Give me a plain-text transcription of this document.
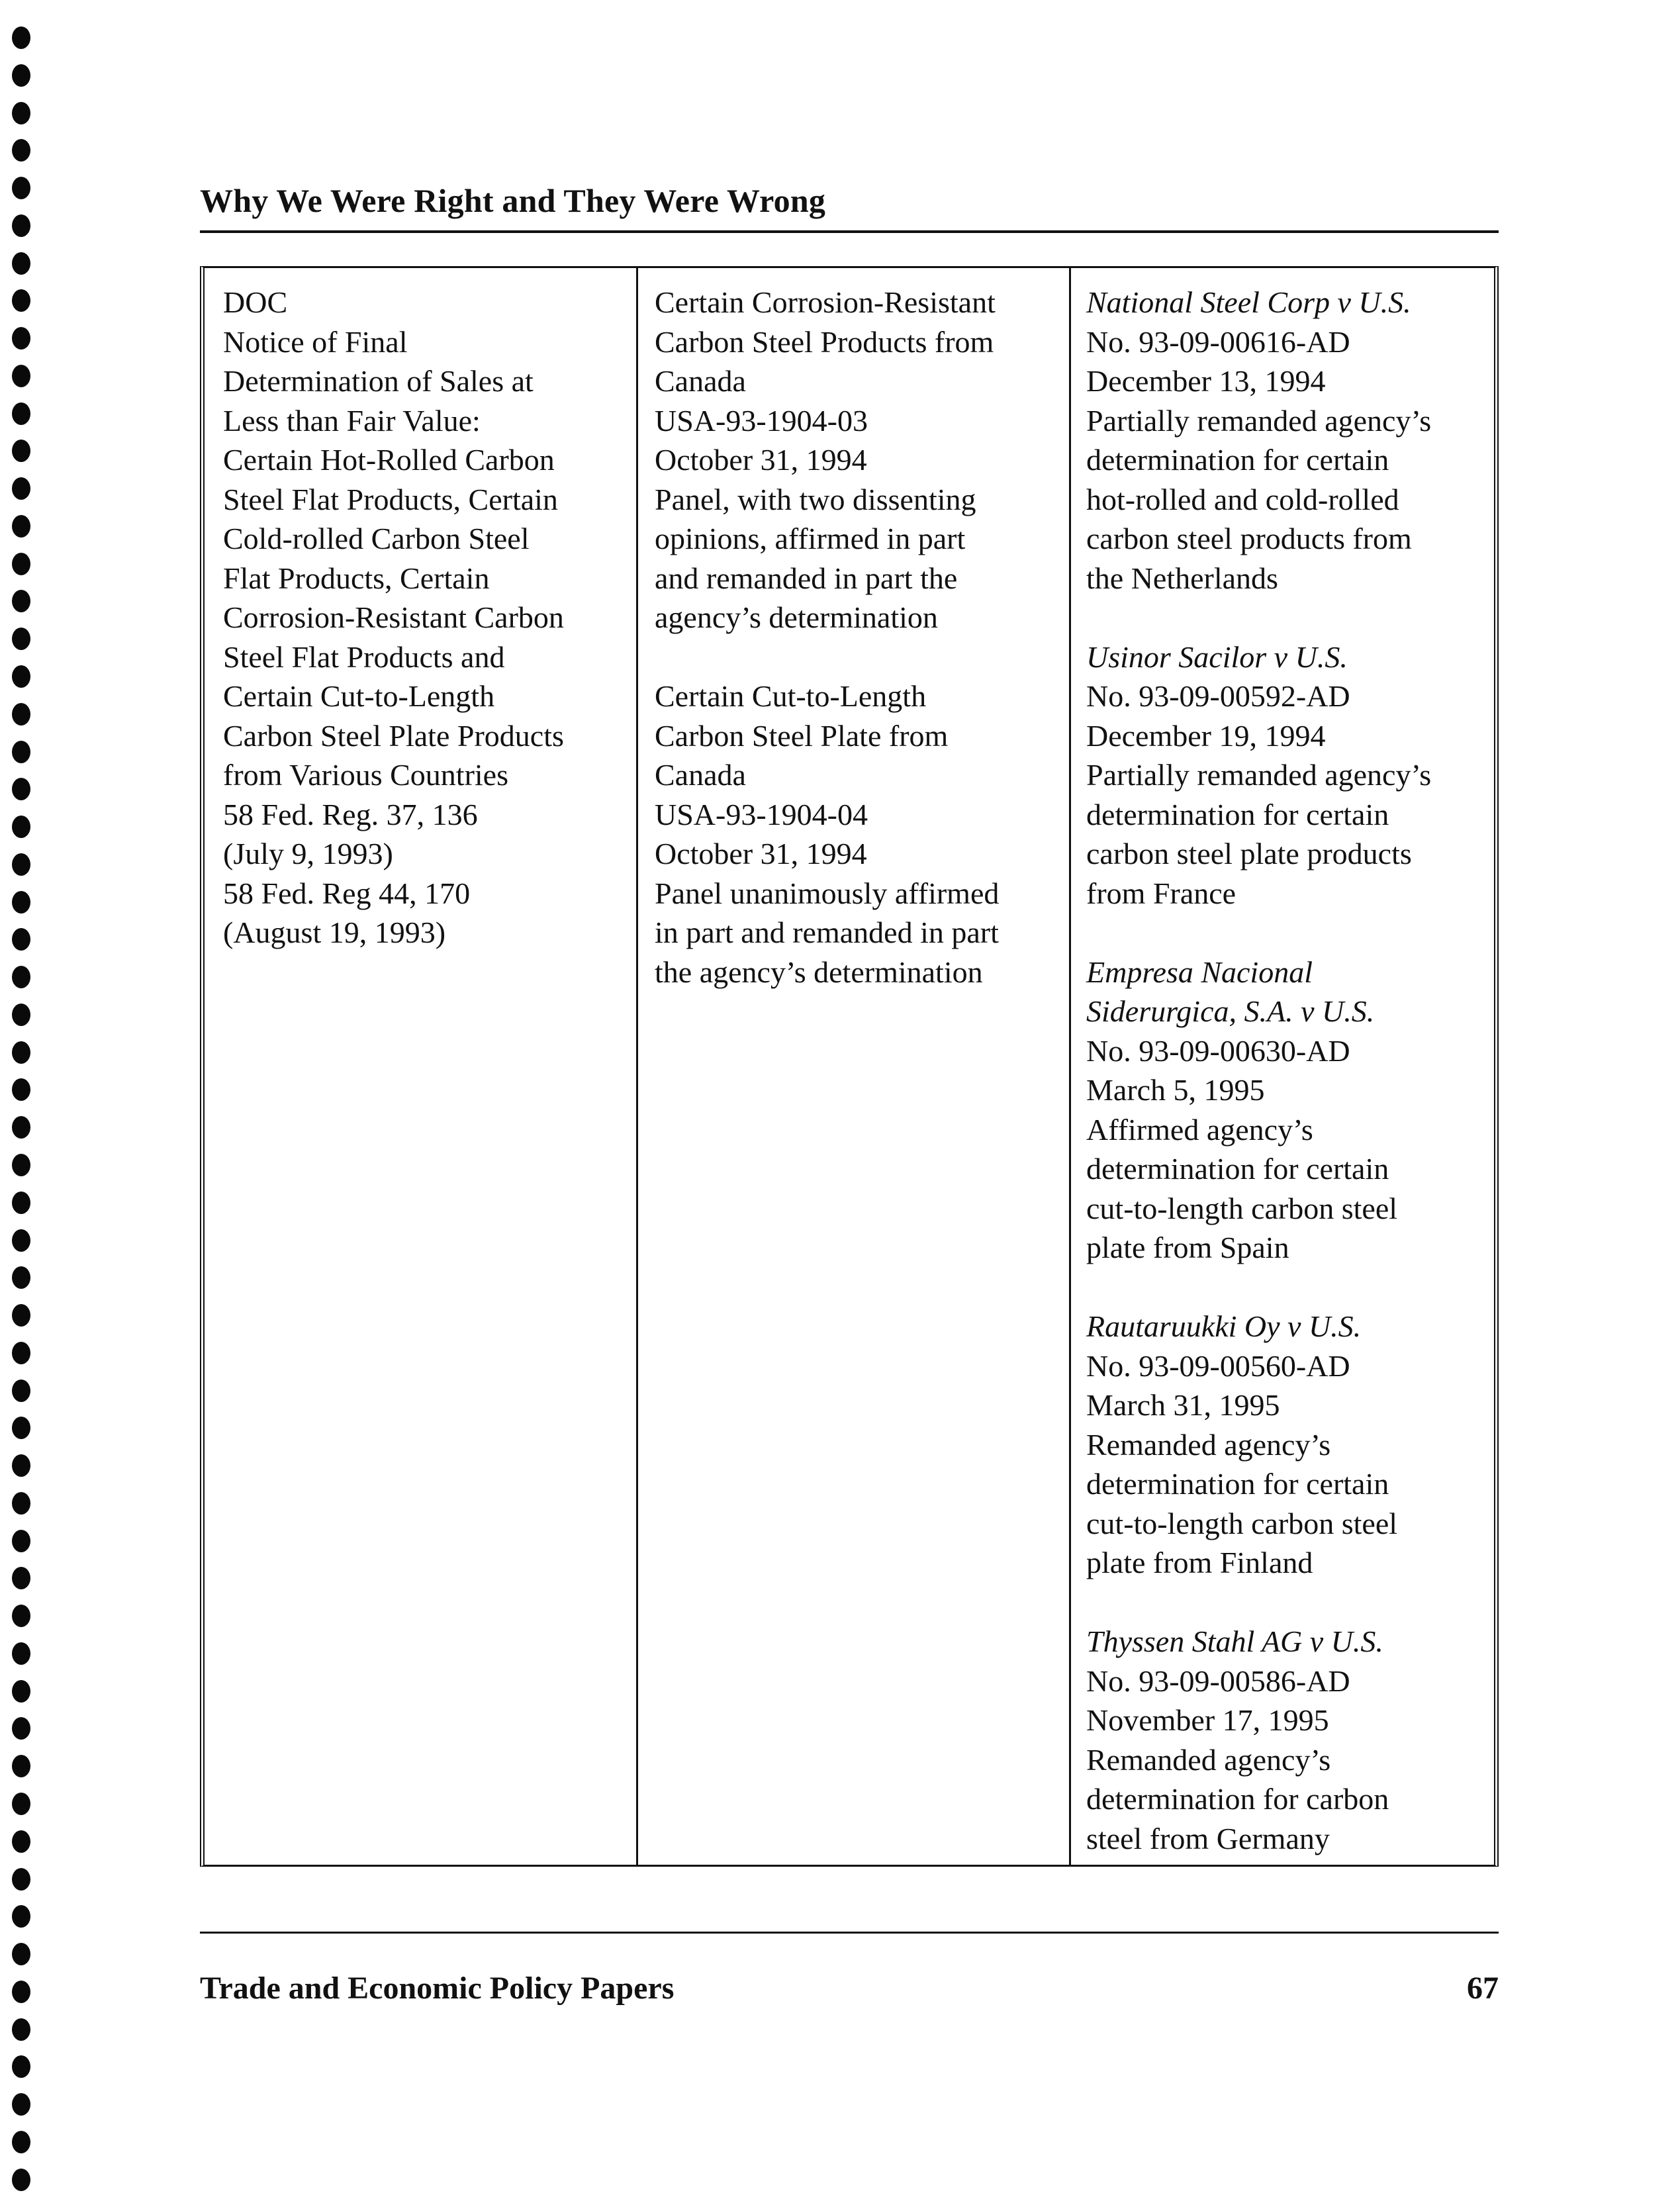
Why We Were Right and They Were Wrong
DOC
Notice of Final
Determination of Sales at
Less than Fair Value:
Certain Hot-Rolled Carbon
Steel Flat Products, Certain
Cold-rolled Carbon Steel
Flat Products, Certain
Corrosion-Resistant Carbon
Steel Flat Products and
Certain Cut-to-Length
Carbon Steel Plate Products
from Various Countries
58 Fed. Reg. 37, 136
(July 9, 1993)
58 Fed. Reg 44, 170
(August 19, 1993)
Certain Corrosion-Resistant
Carbon Steel Products from
Canada
USA-93-1904-03
October 31, 1994
Panel, with two dissenting
opinions, affirmed in part
and remanded in part the
agency’s determination
Certain Cut-to-Length
Carbon Steel Plate from
Canada
USA-93-1904-04
October 31, 1994
Panel unanimously affirmed
in part and remanded in part
the agency’s determination
National Steel Corp v U.S.
No. 93-09-00616-AD
December 13, 1994
Partially remanded agency’s
determination for certain
hot-rolled and cold-rolled
carbon steel products from
the Netherlands
Usinor Sacilor v U.S.
No. 93-09-00592-AD
December 19, 1994
Partially remanded agency’s
determination for certain
carbon steel plate products
from France
Empresa Nacional
Siderurgica, S.A. v U.S.
No. 93-09-00630-AD
March 5, 1995
Affirmed agency’s
determination for certain
cut-to-length carbon steel
plate from Spain
Rautaruukki Oy v U.S.
No. 93-09-00560-AD
March 31, 1995
Remanded agency’s
determination for certain
cut-to-length carbon steel
plate from Finland
Thyssen Stahl AG v U.S.
No. 93-09-00586-AD
November 17, 1995
Remanded agency’s
determination for carbon
steel from Germany
Trade and Economic Policy Papers	67
